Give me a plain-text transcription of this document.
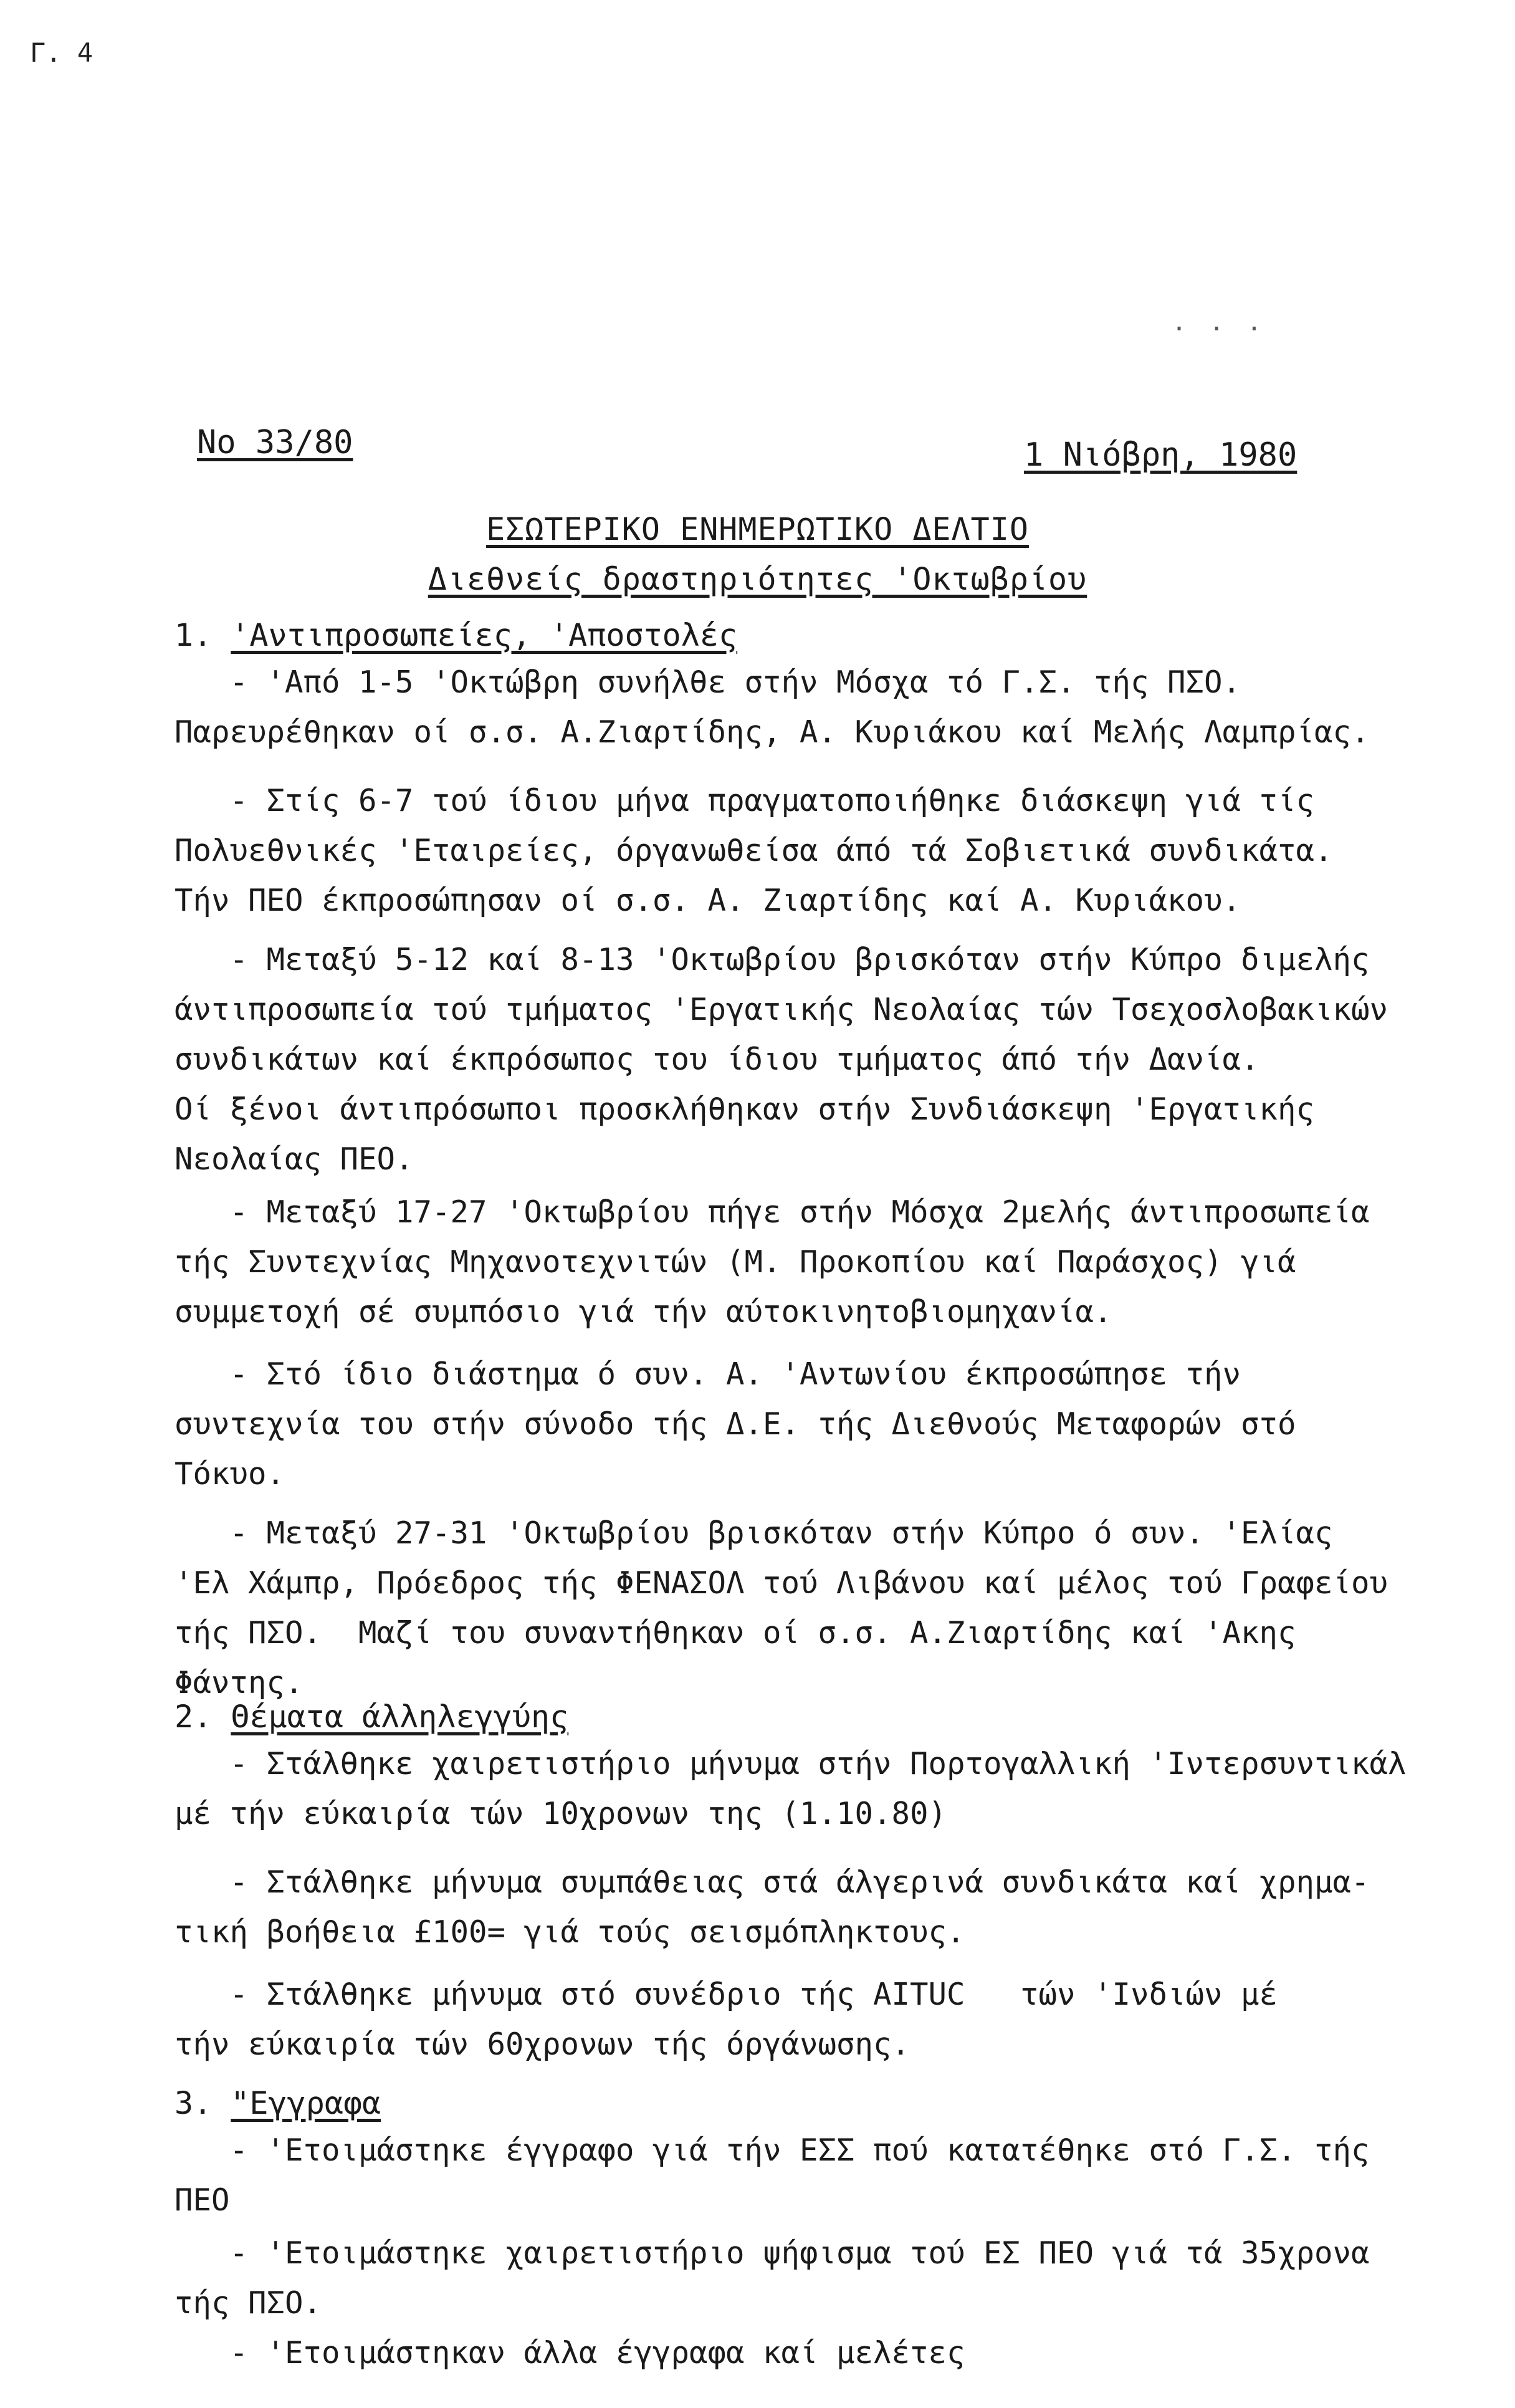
Γ. 4
· · ·
Νο 33/80	1 Νιόβρη, 1980
ΕΣΩΤΕΡΙΚΟ ΕΝΗΜΕΡΩΤΙΚΟ ΔΕΛΤΙΟ
Διεθνείς δραστηριότητες 'Οκτωβρίου
1. 'Αντιπροσωπείες, 'Αποστολές
- 'Από 1-5 'Οκτώβρη συνήλθε στήν Μόσχα τό Γ.Σ. τής ΠΣΟ.
Παρευρέθηκαν οί σ.σ. Α.Ζιαρτίδης, Α. Κυριάκου καί Μελής Λαμπρίας.
- Στίς 6-7 τού ίδιου μήνα πραγματοποιήθηκε διάσκεψη γιά τίς
Πολυεθνικές 'Εταιρείες, όργανωθείσα άπό τά Σοβιετικά συνδικάτα.
Τήν ΠΕΟ έκπροσώπησαν οί σ.σ. Α. Ζιαρτίδης καί Α. Κυριάκου.
- Μεταξύ 5-12 καί 8-13 'Οκτωβρίου βρισκόταν στήν Κύπρο διμελής
άντιπροσωπεία τού τμήματος 'Εργατικής Νεολαίας τών Τσεχοσλοβακικών
συνδικάτων καί έκπρόσωπος του ίδιου τμήματος άπό τήν Δανία.
Οί ξένοι άντιπρόσωποι προσκλήθηκαν στήν Συνδιάσκεψη 'Εργατικής
Νεολαίας ΠΕΟ.
- Μεταξύ 17-27 'Οκτωβρίου πήγε στήν Μόσχα 2μελής άντιπροσωπεία
τής Συντεχνίας Μηχανοτεχνιτών (Μ. Προκοπίου καί Παράσχος) γιά
συμμετοχή σέ συμπόσιο γιά τήν αύτοκινητοβιομηχανία.
- Στό ίδιο διάστημα ό συν. Α. 'Αντωνίου έκπροσώπησε τήν
συντεχνία του στήν σύνοδο τής Δ.Ε. τής Διεθνούς Μεταφορών στό
Τόκυο.
- Μεταξύ 27-31 'Οκτωβρίου βρισκόταν στήν Κύπρο ό συν. 'Ελίας
'Ελ Χάμπρ, Πρόεδρος τής ΦΕΝΑΣΟΛ τού Λιβάνου καί μέλος τού Γραφείου
τής ΠΣΟ.  Μαζί του συναντήθηκαν οί σ.σ. Α.Ζιαρτίδης καί 'Ακης
Φάντης.
2. Θέματα άλληλεγγύης
- Στάλθηκε χαιρετιστήριο μήνυμα στήν Πορτογαλλική 'Ιντερσυντικάλ
μέ τήν εύκαιρία τών 10χρονων της (1.10.80)
- Στάλθηκε μήνυμα συμπάθειας στά άλγερινά συνδικάτα καί χρημα-
τική βοήθεια £100= γιά τούς σεισμόπληκτους.
- Στάλθηκε μήνυμα στό συνέδριο τής AITUC   τών 'Ινδιών μέ
τήν εύκαιρία τών 60χρονων τής όργάνωσης.
3. "Εγγραφα
- 'Ετοιμάστηκε έγγραφο γιά τήν ΕΣΣ πού κατατέθηκε στό Γ.Σ. τής
ΠΕΟ
- 'Ετοιμάστηκε χαιρετιστήριο ψήφισμα τού ΕΣ ΠΕΟ γιά τά 35χρονα
τής ΠΣΟ.
- 'Ετοιμάστηκαν άλλα έγγραφα καί μελέτες
